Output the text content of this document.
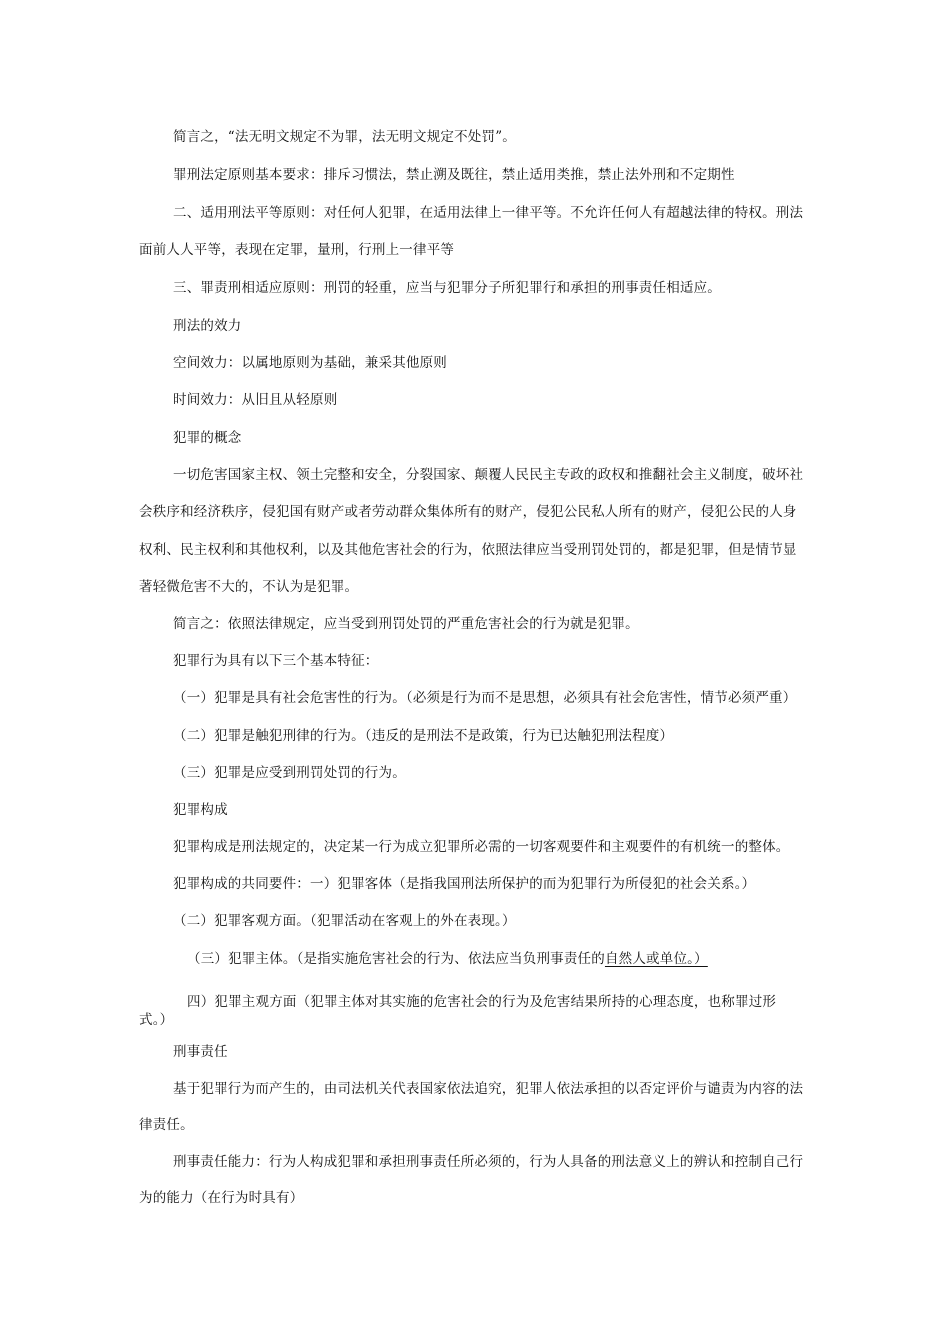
简言之，“法无明文规定不为罪，法无明文规定不处罚”。
罪刑法定原则基本要求：排斥习惯法，禁止溯及既往，禁止适用类推，禁止法外刑和不定期性
二、适用刑法平等原则：对任何人犯罪，在适用法律上一律平等。不允许任何人有超越法律的特权。刑法
面前人人平等，表现在定罪，量刑，行刑上一律平等
三、罪责刑相适应原则：刑罚的轻重，应当与犯罪分子所犯罪行和承担的刑事责任相适应。
刑法的效力
空间效力：以属地原则为基础，兼采其他原则
时间效力：从旧且从轻原则
犯罪的概念
一切危害国家主权、领土完整和安全，分裂国家、颠覆人民民主专政的政权和推翻社会主义制度，破坏社
会秩序和经济秩序，侵犯国有财产或者劳动群众集体所有的财产，侵犯公民私人所有的财产，侵犯公民的人身
权利、民主权利和其他权利，以及其他危害社会的行为，依照法律应当受刑罚处罚的，都是犯罪，但是情节显
著轻微危害不大的，不认为是犯罪。
简言之：依照法律规定，应当受到刑罚处罚的严重危害社会的行为就是犯罪。
犯罪行为具有以下三个基本特征：
（一）犯罪是具有社会危害性的行为。（必须是行为而不是思想，必须具有社会危害性，情节必须严重）
（二）犯罪是触犯刑律的行为。（违反的是刑法不是政策，行为已达触犯刑法程度）
（三）犯罪是应受到刑罚处罚的行为。
犯罪构成
犯罪构成是刑法规定的，决定某一行为成立犯罪所必需的一切客观要件和主观要件的有机统一的整体。
犯罪构成的共同要件：一）犯罪客体（是指我国刑法所保护的而为犯罪行为所侵犯的社会关系。）
（二）犯罪客观方面。（犯罪活动在客观上的外在表现。）
（三）犯罪主体。（是指实施危害社会的行为、依法应当负刑事责任的自然人或单位。）
四）犯罪主观方面（犯罪主体对其实施的危害社会的行为及危害结果所持的心理态度，也称罪过形
式。）
刑事责任
基于犯罪行为而产生的，由司法机关代表国家依法追究，犯罪人依法承担的以否定评价与谴责为内容的法
律责任。
刑事责任能力：行为人构成犯罪和承担刑事责任所必须的，行为人具备的刑法意义上的辨认和控制自己行
为的能力（在行为时具有）
